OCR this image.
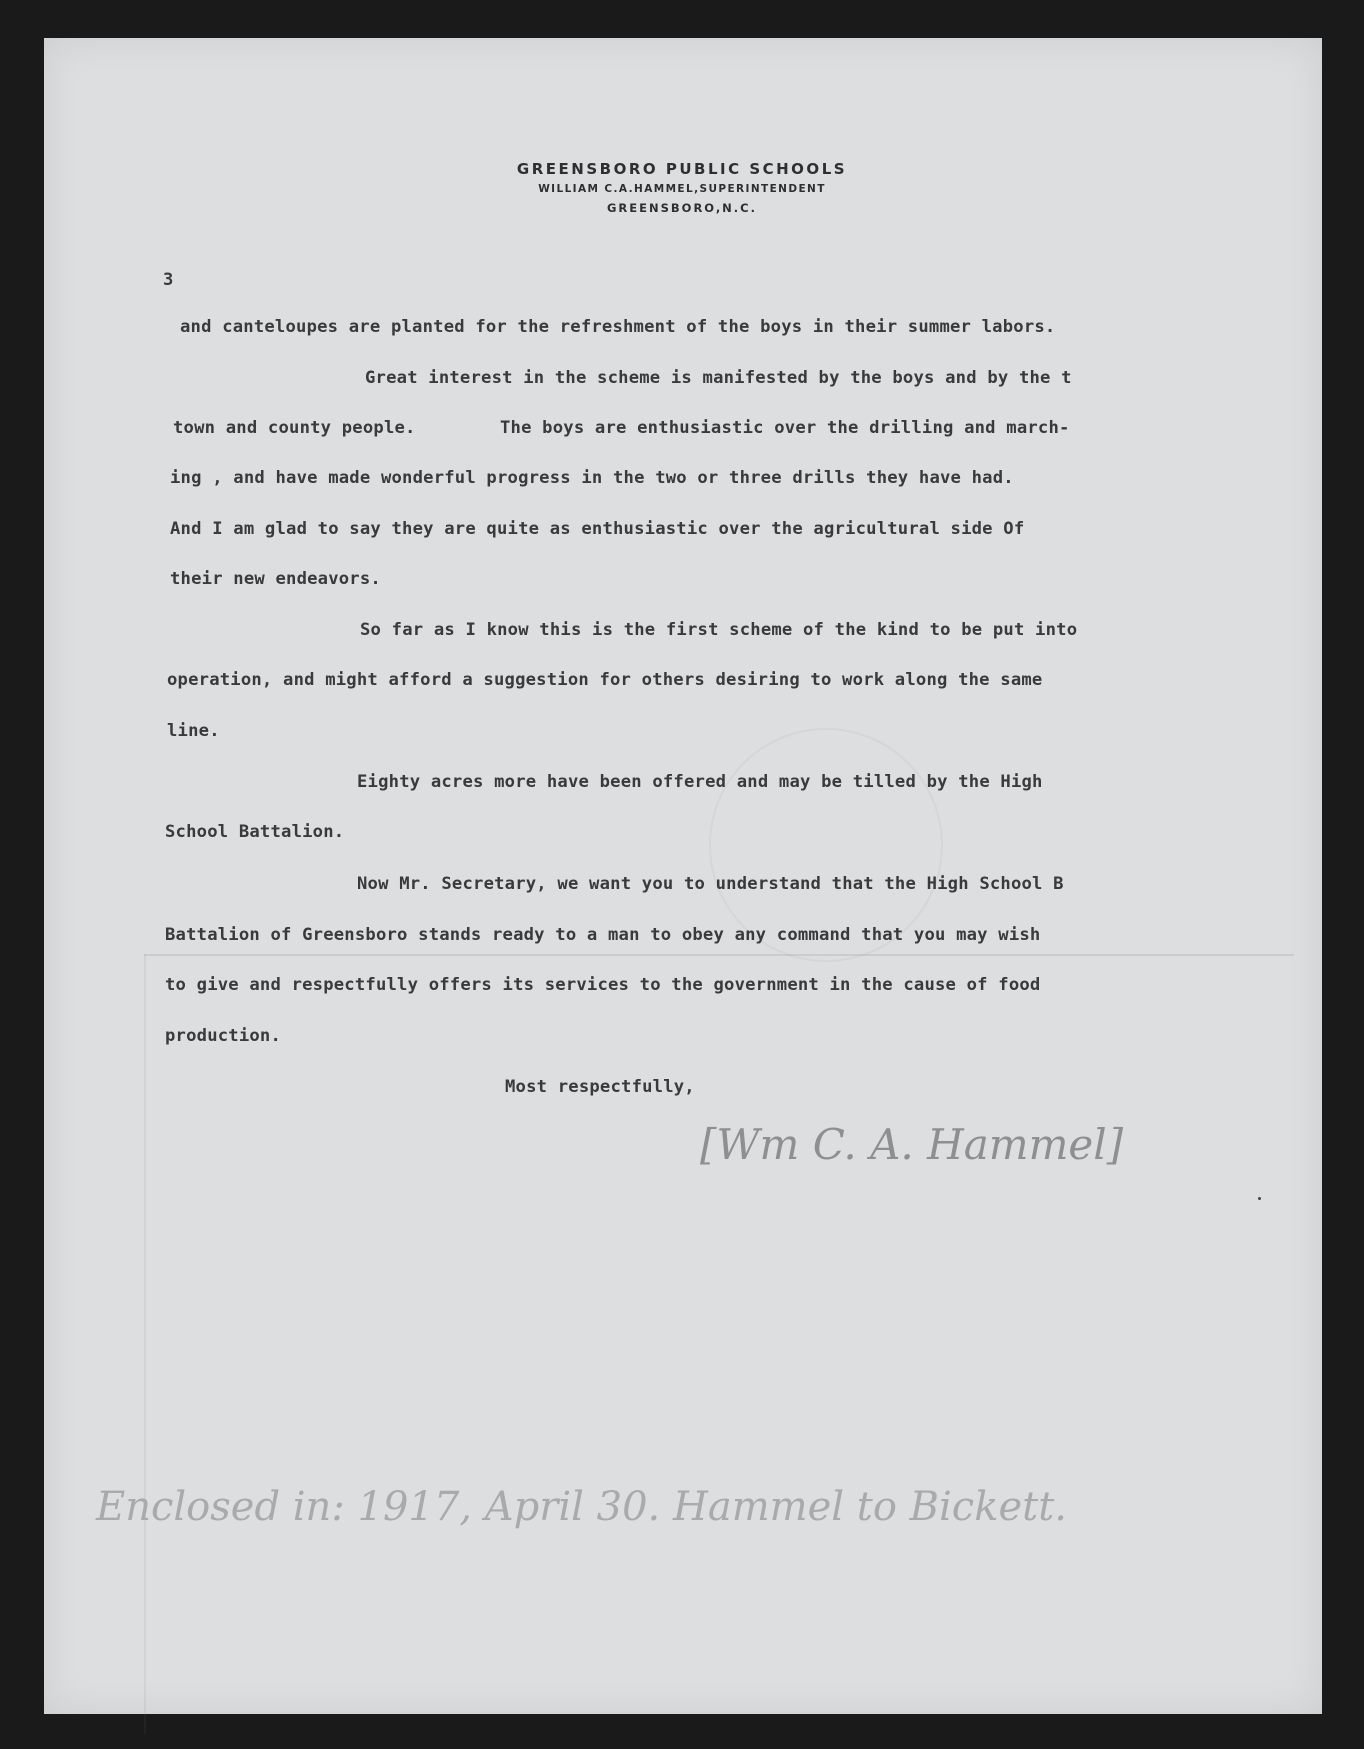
GREENSBORO PUBLIC SCHOOLS
WILLIAM C.A.HAMMEL,SUPERINTENDENT
GREENSBORO,N.C.
3
and canteloupes are planted for the refreshment of the boys in their summer labors.
Great interest in the scheme is manifested by the boys and by the t
town and county people.        The boys are enthusiastic over the drilling and march-
ing , and have made wonderful progress in the two or three drills they have had.
And I am glad to say they are quite as enthusiastic over the agricultural side Of
their new endeavors.
So far as I know this is the first scheme of the kind to be put into
operation, and might afford a suggestion for others desiring to work along the same
line.
Eighty acres more have been offered and may be tilled by the High
School Battalion.
Now Mr. Secretary, we want you to understand that the High School B
Battalion of Greensboro stands ready to a man to obey any command that you may wish
to give and respectfully offers its services to the government in the cause of food
production.
Most respectfully,
[Wm C. A. Hammel]
Enclosed in: 1917, April 30. Hammel to Bickett.
